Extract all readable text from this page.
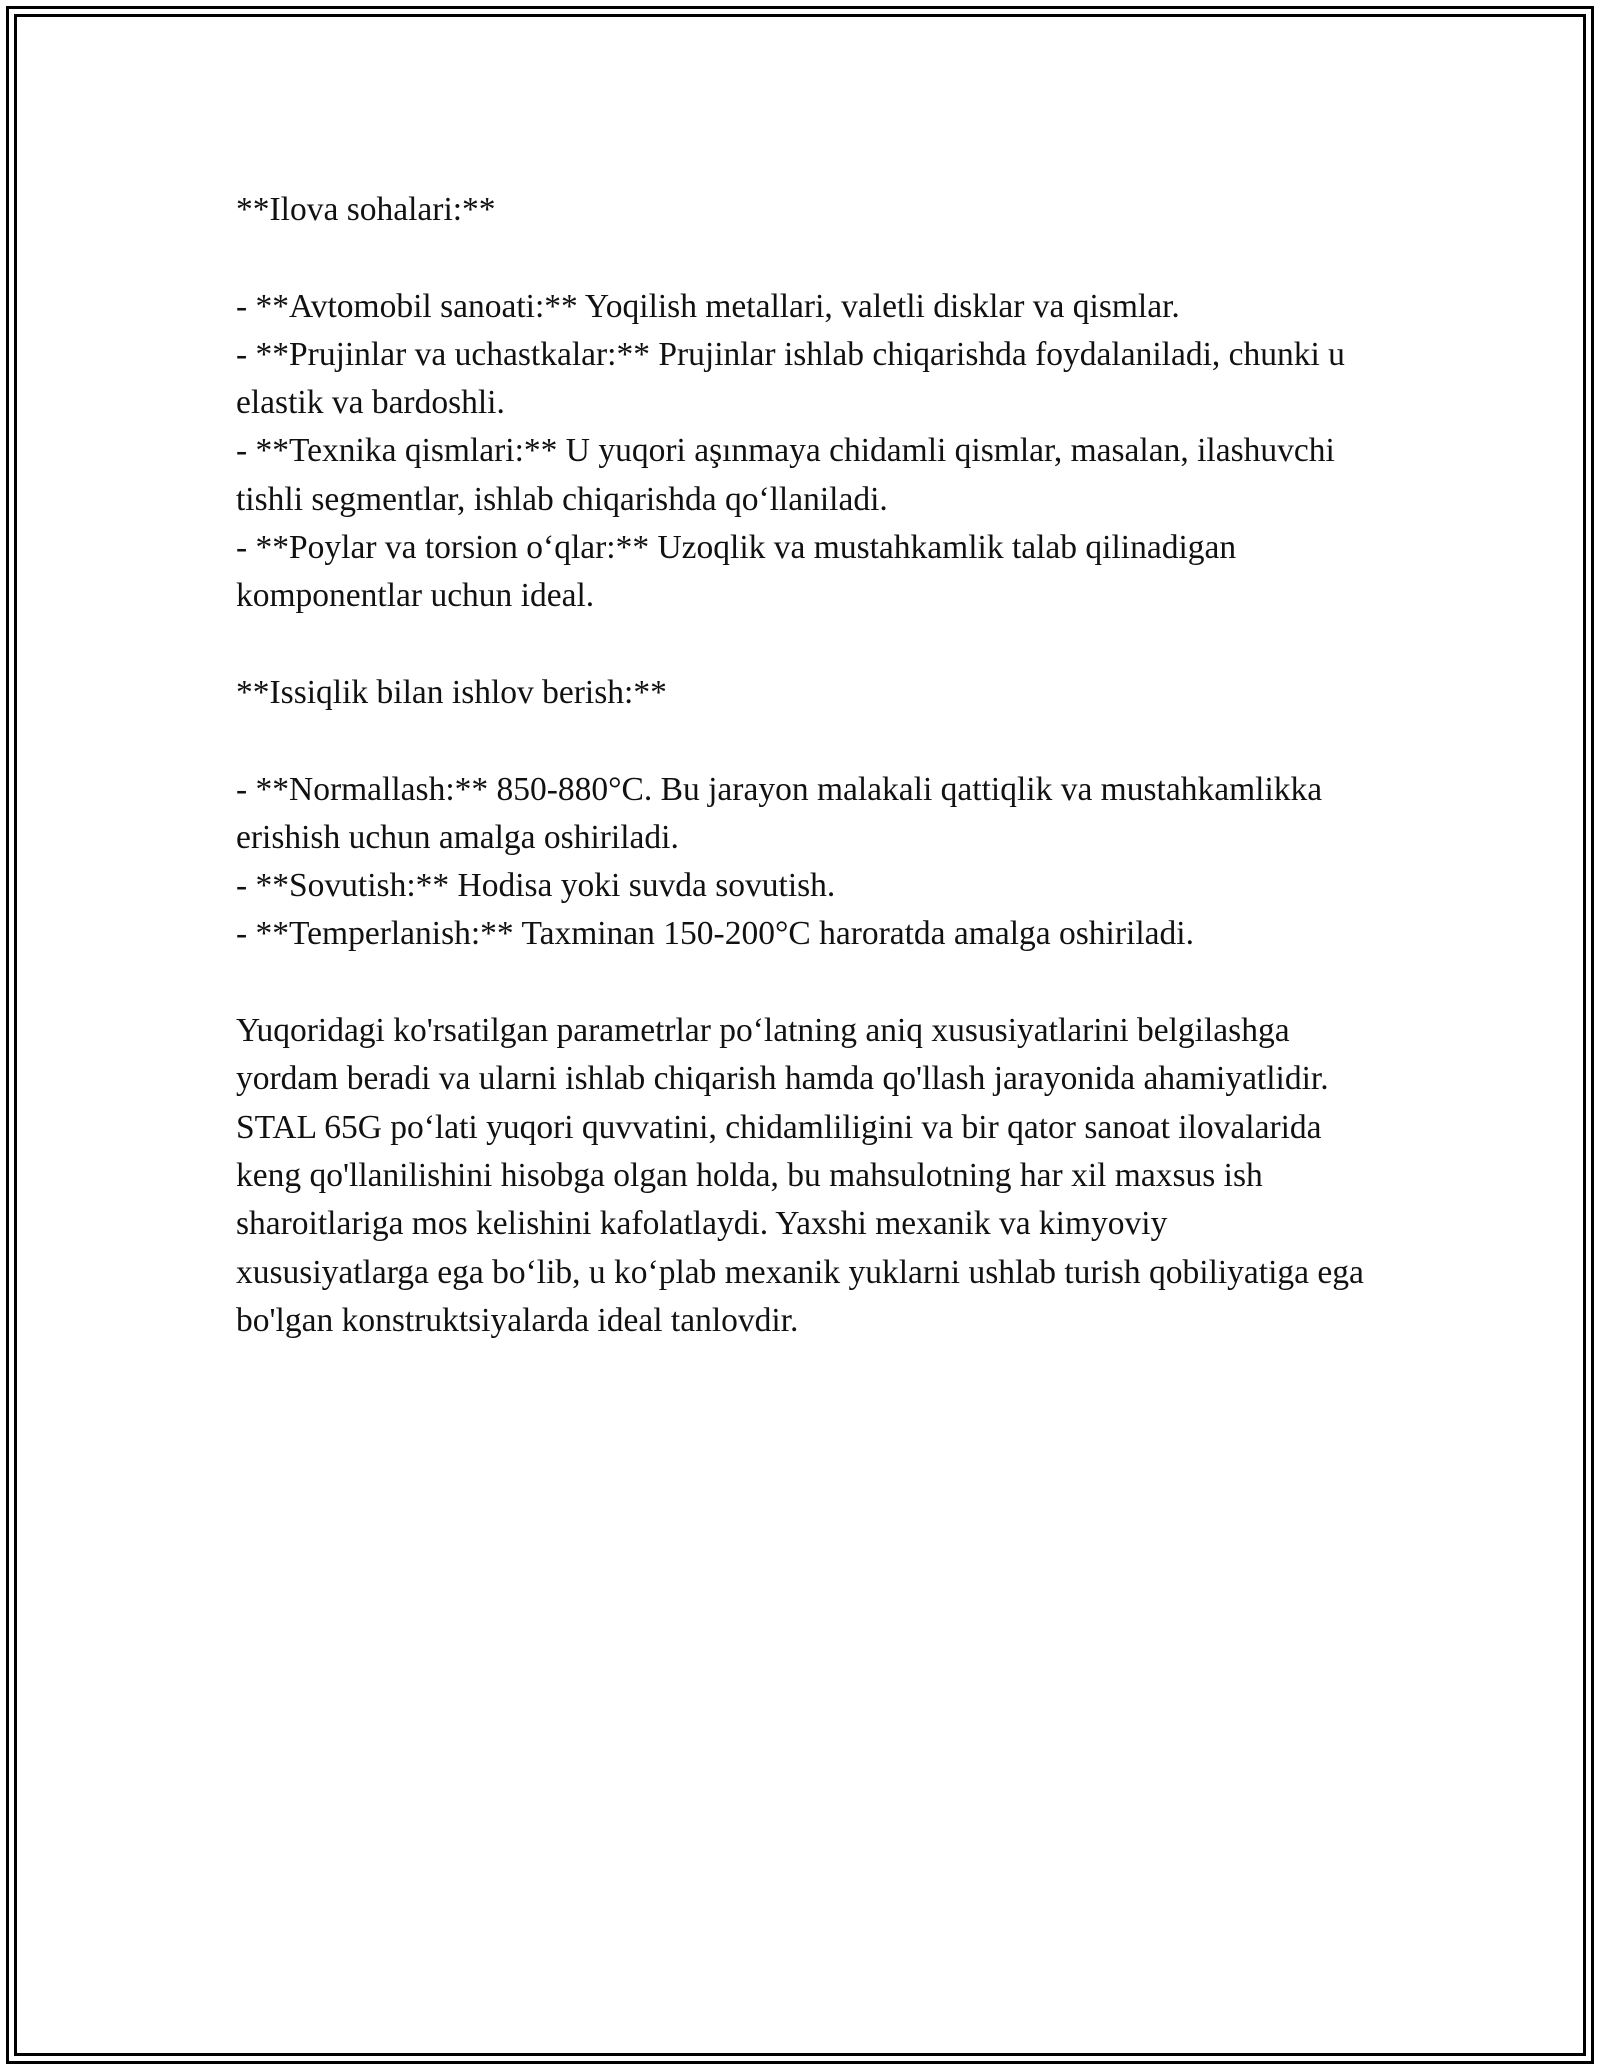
**Ilova sohalari:**

- **Avtomobil sanoati:** Yoqilish metallari, valetli disklar va qismlar.

- **Prujinlar va uchastkalar:** Prujinlar ishlab chiqarishda foydalaniladi, chunki u elastik va bardoshli.

- **Texnika qismlari:** U yuqori aşınmaya chidamli qismlar, masalan, ilashuvchi tishli segmentlar, ishlab chiqarishda qoʻllaniladi.

- **Poylar va torsion oʻqlar:** Uzoqlik va mustahkamlik talab qilinadigan komponentlar uchun ideal.

**Issiqlik bilan ishlov berish:**

- **Normallash:** 850-880°C. Bu jarayon malakali qattiqlik va mustahkamlikka erishish uchun amalga oshiriladi.

- **Sovutish:** Hodisa yoki suvda sovutish.

- **Temperlanish:** Taxminan 150-200°C haroratda amalga oshiriladi.

Yuqoridagi ko'rsatilgan parametrlar poʻlatning aniq xususiyatlarini belgilashga yordam beradi va ularni ishlab chiqarish hamda qo'llash jarayonida ahamiyatlidir. STAL 65G poʻlati yuqori quvvatini, chidamliligini va bir qator sanoat ilovalarida keng qo'llanilishini hisobga olgan holda, bu mahsulotning har xil maxsus ish sharoitlariga mos kelishini kafolatlaydi. Yaxshi mexanik va kimyoviy xususiyatlarga ega boʻlib, u koʻplab mexanik yuklarni ushlab turish qobiliyatiga ega bo'lgan konstruktsiyalarda ideal tanlovdir.
